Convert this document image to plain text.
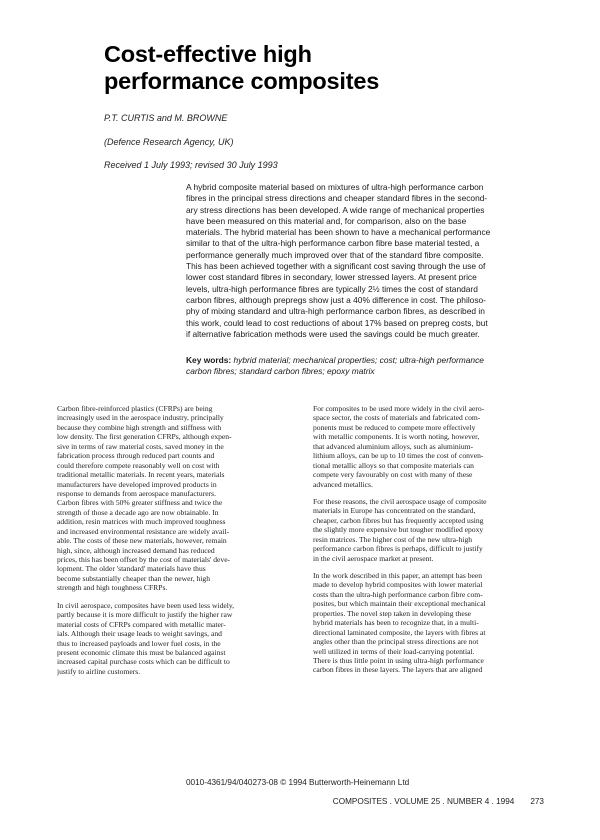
Cost-effective high
performance composites
P.T. CURTIS and M. BROWNE
(Defence Research Agency, UK)
Received 1 July 1993; revised 30 July 1993
A hybrid composite material based on mixtures of ultra-high performance carbon
fibres in the principal stress directions and cheaper standard fibres in the second-
ary stress directions has been developed. A wide range of mechanical properties
have been measured on this material and, for comparison, also on the base
materials. The hybrid material has been shown to have a mechanical performance
similar to that of the ultra-high performance carbon fibre base material tested, a
performance generally much improved over that of the standard fibre composite.
This has been achieved together with a significant cost saving through the use of
lower cost standard fibres in secondary, lower stressed layers. At present price
levels, ultra-high performance fibres are typically 2½ times the cost of standard
carbon fibres, although prepregs show just a 40% difference in cost. The philoso-
phy of mixing standard and ultra-high performance carbon fibres, as described in
this work, could lead to cost reductions of about 17% based on prepreg costs, but
if alternative fabrication methods were used the savings could be much greater.
Key words: hybrid material; mechanical properties; cost; ultra-high performance
carbon fibres; standard carbon fibres; epoxy matrix
Carbon fibre-reinforced plastics (CFRPs) are being
increasingly used in the aerospace industry, principally
because they combine high strength and stiffness with
low density. The first generation CFRPs, although expen-
sive in terms of raw material costs, saved money in the
fabrication process through reduced part counts and
could therefore compete reasonably well on cost with
traditional metallic materials. In recent years, materials
manufacturers have developed improved products in
response to demands from aerospace manufacturers.
Carbon fibres with 50% greater stiffness and twice the
strength of those a decade ago are now obtainable. In
addition, resin matrices with much improved toughness
and increased environmental resistance are widely avail-
able. The costs of these new materials, however, remain
high, since, although increased demand has reduced
prices, this has been offset by the cost of materials' deve-
lopment. The older 'standard' materials have thus
become substantially cheaper than the newer, high
strength and high toughness CFRPs.
In civil aerospace, composites have been used less widely,
partly because it is more difficult to justify the higher raw
material costs of CFRPs compared with metallic mater-
ials. Although their usage leads to weight savings, and
thus to increased payloads and lower fuel costs, in the
present economic climate this must be balanced against
increased capital purchase costs which can be difficult to
justify to airline customers.
For composites to be used more widely in the civil aero-
space sector, the costs of materials and fabricated com-
ponents must be reduced to compete more effectively
with metallic components. It is worth noting, however,
that advanced aluminium alloys, such as aluminium-
lithium alloys, can be up to 10 times the cost of conven-
tional metallic alloys so that composite materials can
compete very favourably on cost with many of these
advanced metallics.
For these reasons, the civil aerospace usage of composite
materials in Europe has concentrated on the standard,
cheaper, carbon fibres but has frequently accepted using
the slightly more expensive but tougher modified epoxy
resin matrices. The higher cost of the new ultra-high
performance carbon fibres is perhaps, difficult to justify
in the civil aerospace market at present.
In the work described in this paper, an attempt has been
made to develop hybrid composites with lower material
costs than the ultra-high performance carbon fibre com-
posites, but which maintain their exceptional mechanical
properties. The novel step taken in developing these
hybrid materials has been to recognize that, in a multi-
directional laminated composite, the layers with fibres at
angles other than the principal stress directions are not
well utilized in terms of their load-carrying potential.
There is thus little point in using ultra-high performance
carbon fibres in these layers. The layers that are aligned
0010-4361/94/040273-08 © 1994 Butterworth-Heinemann Ltd
COMPOSITES . VOLUME 25 . NUMBER 4 . 1994 273
